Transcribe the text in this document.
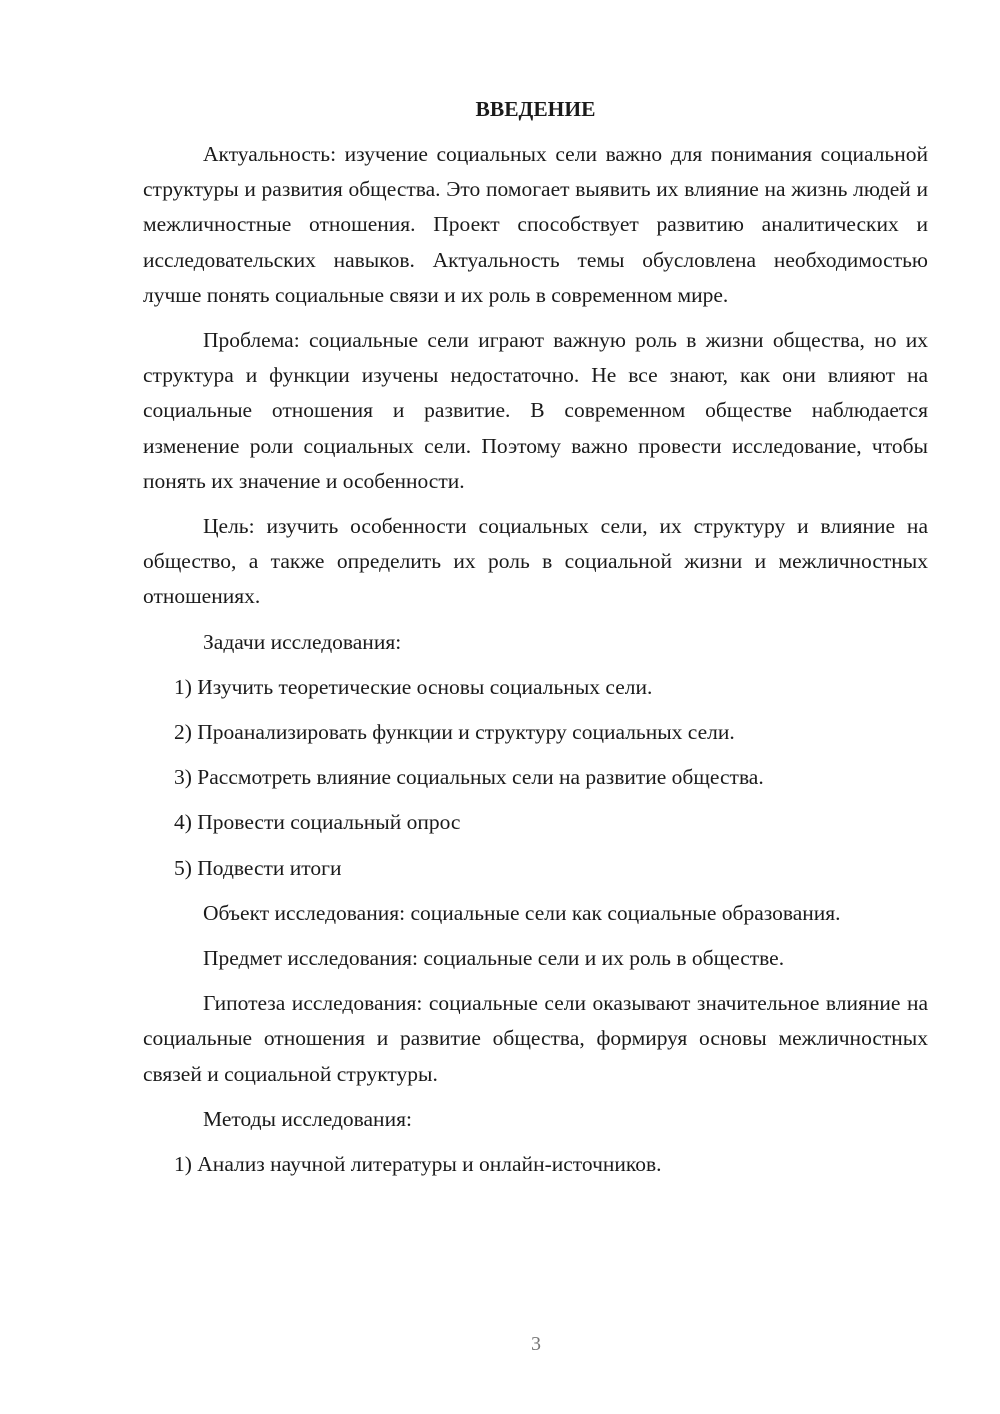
ВВЕДЕНИЕ

Актуальность: изучение социальных сели важно для понимания социальной структуры и развития общества. Это помогает выявить их влияние на жизнь людей и межличностные отношения. Проект способствует развитию аналитических и исследовательских навыков. Актуальность темы обусловлена необходимостью лучше понять социальные связи и их роль в современном мире.

Проблема: социальные сели играют важную роль в жизни общества, но их структура и функции изучены недостаточно. Не все знают, как они влияют на социальные отношения и развитие. В современном обществе наблюдается изменение роли социальных сели. Поэтому важно провести исследование, чтобы понять их значение и особенности.

Цель: изучить особенности социальных сели, их структуру и влияние на общество, а также определить их роль в социальной жизни и межличностных отношениях.

Задачи исследования:

1) Изучить теоретические основы социальных сели.

2) Проанализировать функции и структуру социальных сели.

3) Рассмотреть влияние социальных сели на развитие общества.

4) Провести социальный опрос

5) Подвести итоги

Объект исследования: социальные сели как социальные образования.

Предмет исследования: социальные сели и их роль в обществе.

Гипотеза исследования: социальные сели оказывают значительное влияние на социальные отношения и развитие общества, формируя основы межличностных связей и социальной структуры.

Методы исследования:

1) Анализ научной литературы и онлайн-источников.

3
